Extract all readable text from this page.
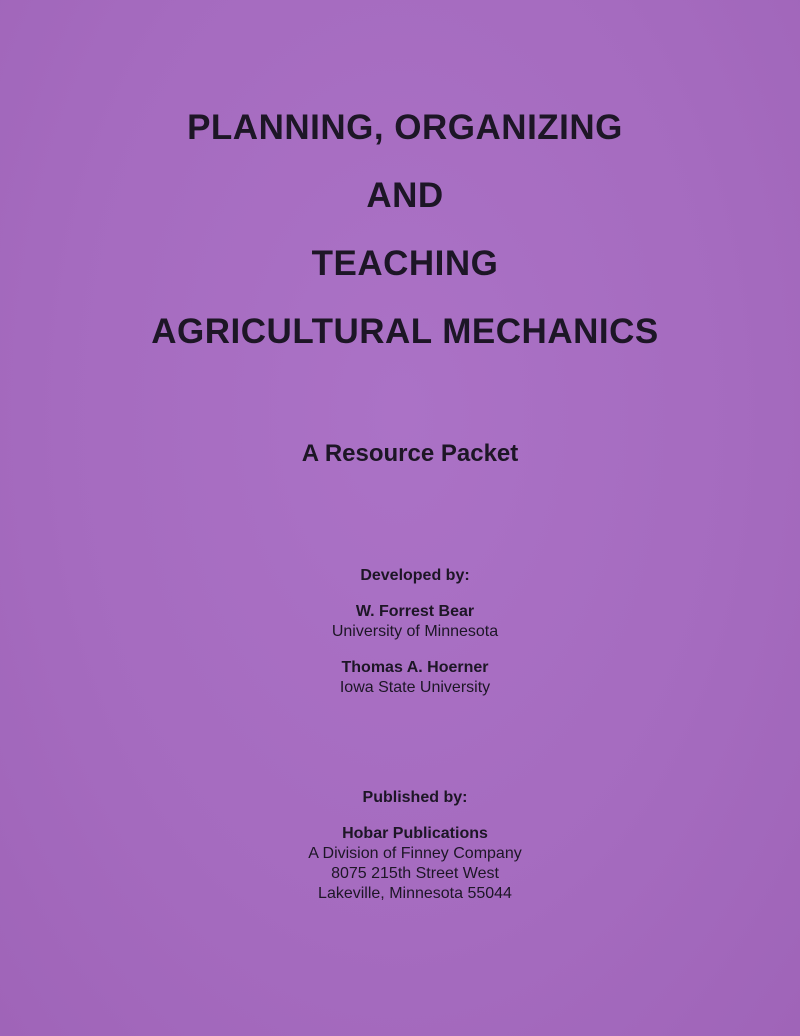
PLANNING, ORGANIZING
AND
TEACHING
AGRICULTURAL MECHANICS
A Resource Packet
Developed by:
W. Forrest Bear
University of Minnesota
Thomas A. Hoerner
Iowa State University
Published by:
Hobar Publications
A Division of Finney Company
8075 215th Street West
Lakeville, Minnesota 55044
